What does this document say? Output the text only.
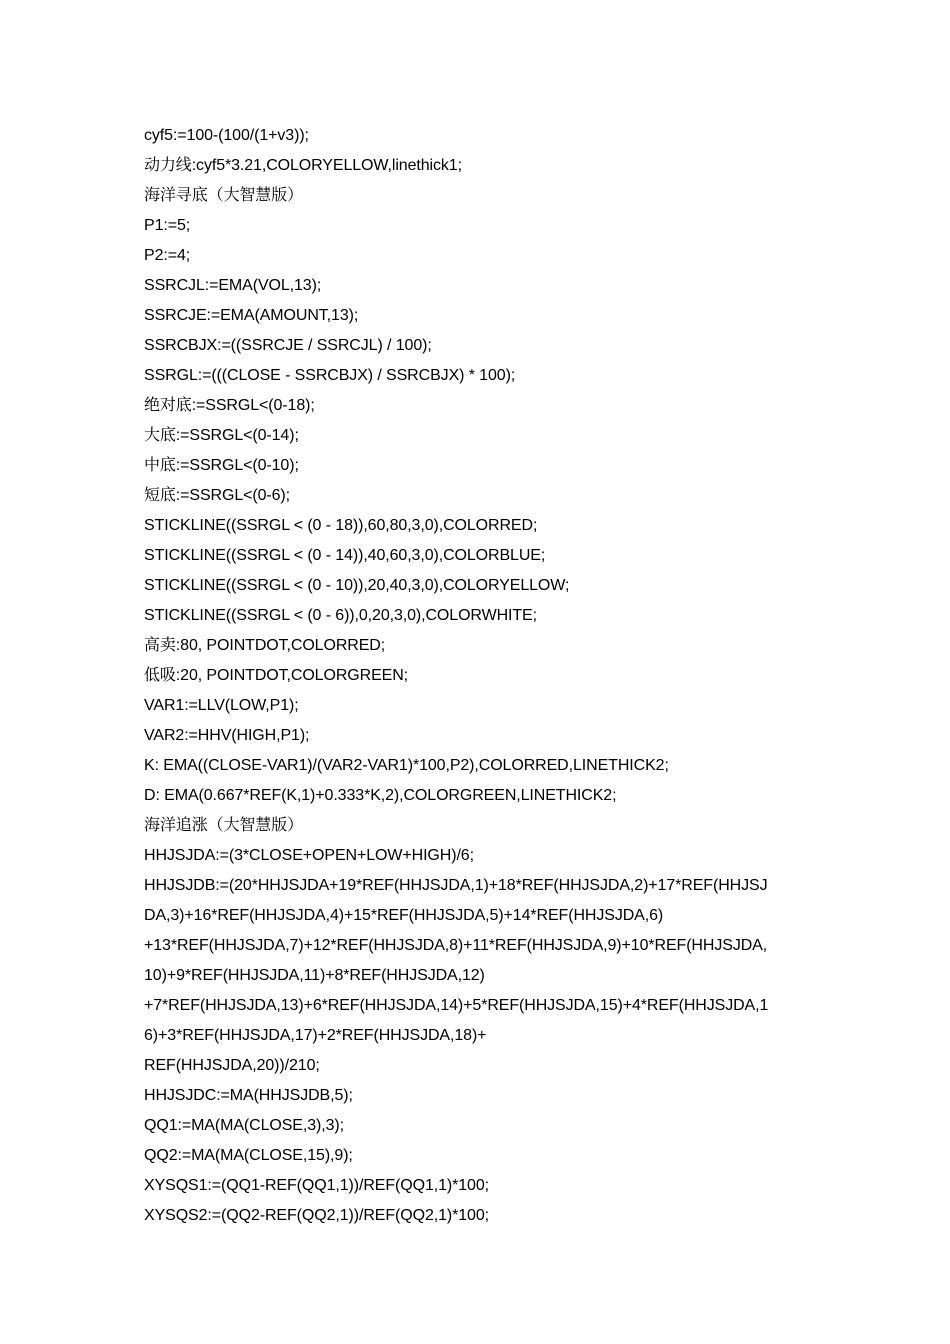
cyf5:=100-(100/(1+v3));
动力线:cyf5*3.21,COLORYELLOW,linethick1;
海洋寻底（大智慧版）
P1:=5;
P2:=4;
SSRCJL:=EMA(VOL,13);
SSRCJE:=EMA(AMOUNT,13);
SSRCBJX:=((SSRCJE / SSRCJL) / 100);
SSRGL:=(((CLOSE - SSRCBJX) / SSRCBJX) * 100);
绝对底:=SSRGL<(0-18);
大底:=SSRGL<(0-14);
中底:=SSRGL<(0-10);
短底:=SSRGL<(0-6);
STICKLINE((SSRGL < (0 - 18)),60,80,3,0),COLORRED;
STICKLINE((SSRGL < (0 - 14)),40,60,3,0),COLORBLUE;
STICKLINE((SSRGL < (0 - 10)),20,40,3,0),COLORYELLOW;
STICKLINE((SSRGL < (0 - 6)),0,20,3,0),COLORWHITE;
高卖:80, POINTDOT,COLORRED;
低吸:20, POINTDOT,COLORGREEN;
VAR1:=LLV(LOW,P1);
VAR2:=HHV(HIGH,P1);
K: EMA((CLOSE-VAR1)/(VAR2-VAR1)*100,P2),COLORRED,LINETHICK2;
D: EMA(0.667*REF(K,1)+0.333*K,2),COLORGREEN,LINETHICK2;
海洋追涨（大智慧版）
HHJSJDA:=(3*CLOSE+OPEN+LOW+HIGH)/6;
HHJSJDB:=(20*HHJSJDA+19*REF(HHJSJDA,1)+18*REF(HHJSJDA,2)+17*REF(HHJSJ
DA,3)+16*REF(HHJSJDA,4)+15*REF(HHJSJDA,5)+14*REF(HHJSJDA,6)
+13*REF(HHJSJDA,7)+12*REF(HHJSJDA,8)+11*REF(HHJSJDA,9)+10*REF(HHJSJDA,
10)+9*REF(HHJSJDA,11)+8*REF(HHJSJDA,12)
+7*REF(HHJSJDA,13)+6*REF(HHJSJDA,14)+5*REF(HHJSJDA,15)+4*REF(HHJSJDA,1
6)+3*REF(HHJSJDA,17)+2*REF(HHJSJDA,18)+
REF(HHJSJDA,20))/210;
HHJSJDC:=MA(HHJSJDB,5);
QQ1:=MA(MA(CLOSE,3),3);
QQ2:=MA(MA(CLOSE,15),9);
XYSQS1:=(QQ1-REF(QQ1,1))/REF(QQ1,1)*100;
XYSQS2:=(QQ2-REF(QQ2,1))/REF(QQ2,1)*100;
